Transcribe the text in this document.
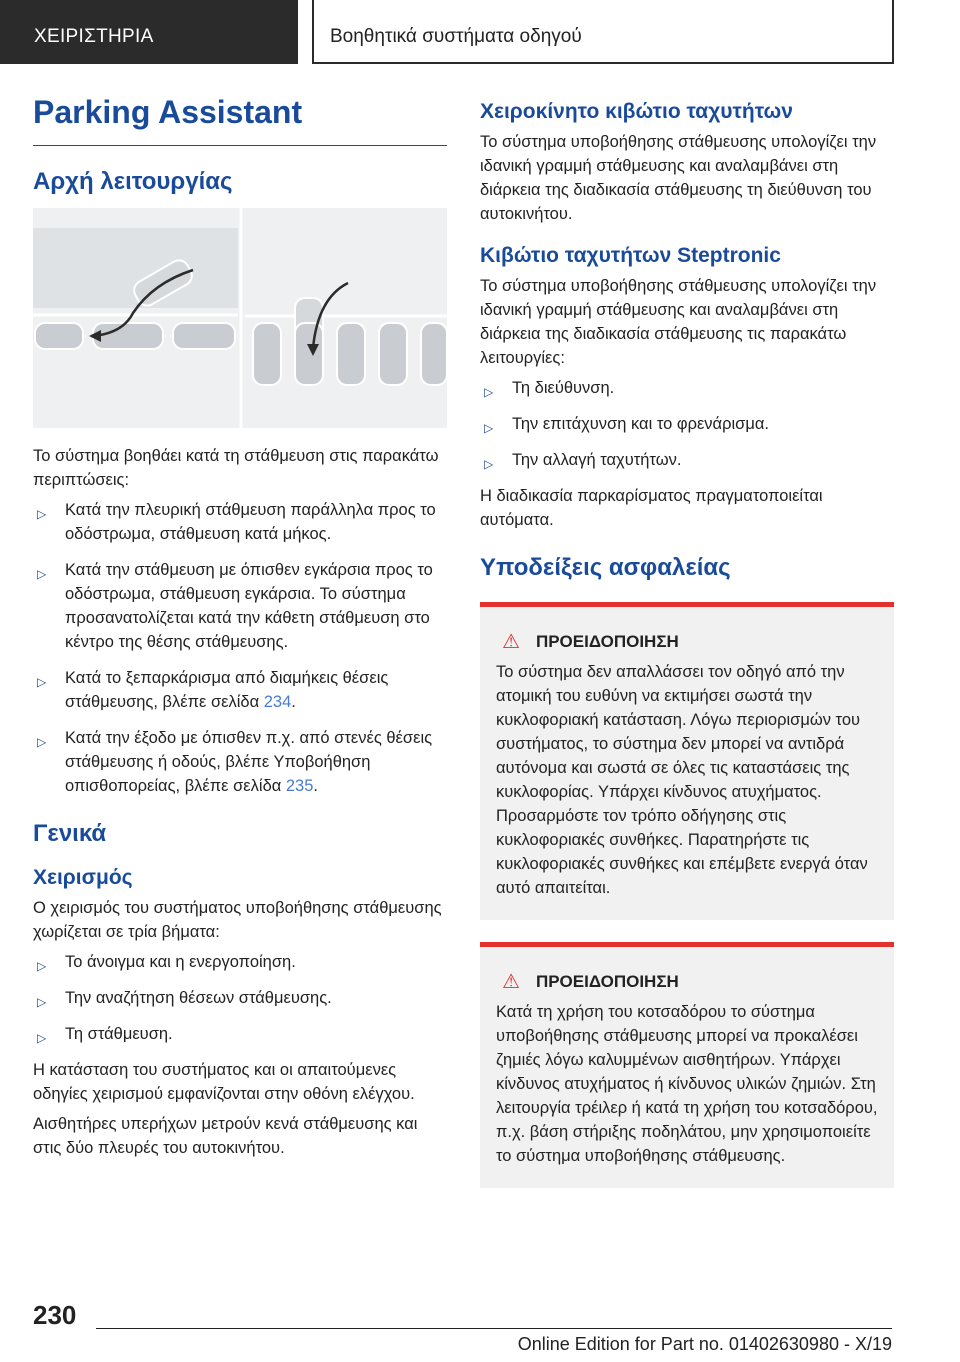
ΧΕΙΡΙΣΤΗΡΙΑ	Βοηθητικά συστήματα οδηγού
Parking Assistant
Αρχή λειτουργίας

Το σύστημα βοηθάει κατά τη στάθμευση στις παρακάτω περιπτώσεις:

▷ Κατά την πλευρική στάθμευση παράλληλα προς το οδόστρωμα, στάθμευση κατά μήκος.
▷ Κατά την στάθμευση με όπισθεν εγκάρσια προς το οδόστρωμα, στάθμευση εγκάρσια. Το σύστημα προσανατολίζεται κατά την κάθετη στάθμευση στο κέντρο της θέσης στάθμευσης.
▷ Κατά το ξεπαρκάρισμα από διαμήκεις θέσεις στάθμευσης, βλέπε σελίδα 234.
▷ Κατά την έξοδο με όπισθεν π.χ. από στενές θέσεις στάθμευσης ή οδούς, βλέπε Υποβοήθηση οπισθοπορείας, βλέπε σελίδα 235.
Γενικά
Χειρισμός

Ο χειρισμός του συστήματος υποβοήθησης στάθμευσης χωρίζεται σε τρία βήματα:

▷ Το άνοιγμα και η ενεργοποίηση.
▷ Την αναζήτηση θέσεων στάθμευσης.
▷ Τη στάθμευση.

Η κατάσταση του συστήματος και οι απαιτούμενες οδηγίες χειρισμού εμφανίζονται στην οθόνη ελέγχου.

Αισθητήρες υπερήχων μετρούν κενά στάθμευσης και στις δύο πλευρές του αυτοκινήτου.

Χειροκίνητο κιβώτιο ταχυτήτων

Το σύστημα υποβοήθησης στάθμευσης υπολογίζει την ιδανική γραμμή στάθμευσης και αναλαμβάνει στη διάρκεια της διαδικασία στάθμευσης τη διεύθυνση του αυτοκινήτου.

Κιβώτιο ταχυτήτων Steptronic

Το σύστημα υποβοήθησης στάθμευσης υπολογίζει την ιδανική γραμμή στάθμευσης και αναλαμβάνει στη διάρκεια της διαδικασία στάθμευσης τις παρακάτω λειτουργίες:

▷ Τη διεύθυνση.
▷ Την επιτάχυνση και το φρενάρισμα.
▷ Την αλλαγή ταχυτήτων.

Η διαδικασία παρκαρίσματος πραγματοποιείται αυτόματα.

Υποδείξεις ασφαλείας
⚠ ΠΡΟΕΙΔΟΠΟΙΗΣΗ

Το σύστημα δεν απαλλάσσει τον οδηγό από την ατομική του ευθύνη να εκτιμήσει σωστά την κυκλοφοριακή κατάσταση. Λόγω περιορισμών του συστήματος, το σύστημα δεν μπορεί να αντιδρά αυτόνομα και σωστά σε όλες τις καταστάσεις της κυκλοφορίας. Υπάρχει κίνδυνος ατυχήματος. Προσαρμόστε τον τρόπο οδήγησης στις κυκλοφοριακές συνθήκες. Παρατηρήστε τις κυκλοφοριακές συνθήκες και επέμβετε ενεργά όταν αυτό απαιτείται.

⚠ ΠΡΟΕΙΔΟΠΟΙΗΣΗ

Κατά τη χρήση του κοτσαδόρου το σύστημα υποβοήθησης στάθμευσης μπορεί να προκαλέσει ζημιές λόγω καλυμμένων αισθητήρων. Υπάρχει κίνδυνος ατυχήματος ή κίνδυνος υλικών ζημιών. Στη λειτουργία τρέιλερ ή κατά τη χρήση του κοτσαδόρου, π.χ. βάση στήριξης ποδηλάτου, μην χρησιμοποιείτε το σύστημα υποβοήθησης στάθμευσης.

230
Online Edition for Part no. 01402630980 - X/19
